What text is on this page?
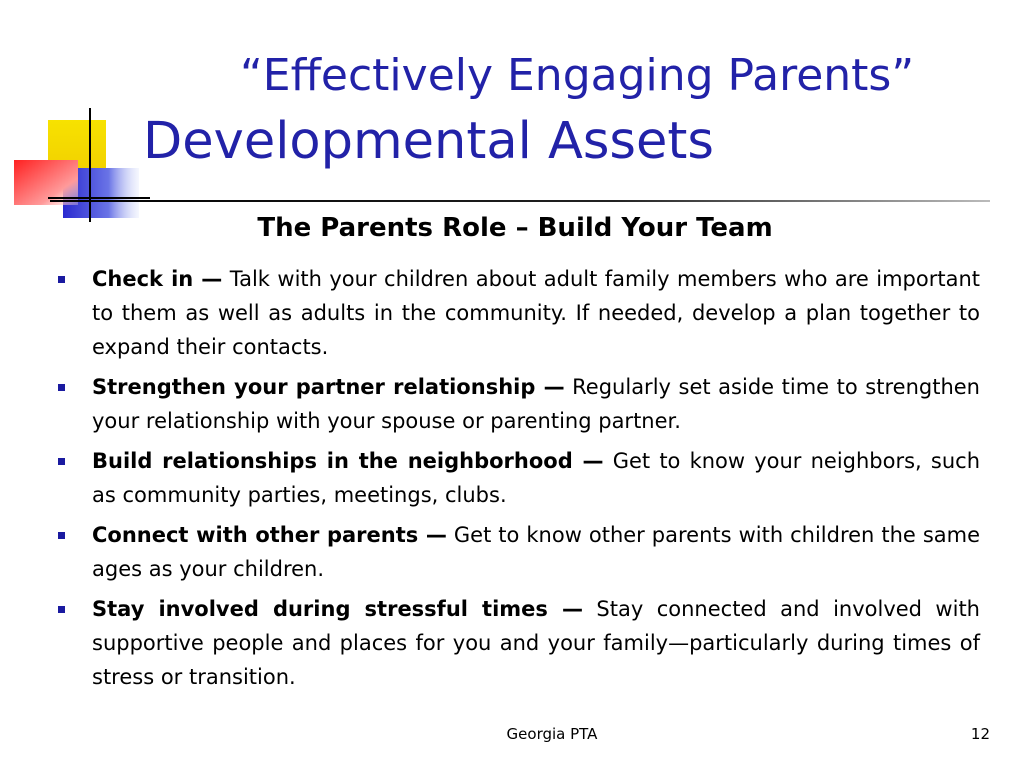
“Effectively Engaging Parents”
Developmental Assets
The Parents Role – Build Your Team
Check in — Talk with your children about adult family members who are important to them as well as adults in the community. If needed, develop a plan together to expand their contacts.
Strengthen your partner relationship — Regularly set aside time to strengthen your relationship with your spouse or parenting partner.
Build relationships in the neighborhood — Get to know your neighbors, such as community parties, meetings, clubs.
Connect with other parents — Get to know other parents with children the same ages as your children.
Stay involved during stressful times — Stay connected and involved with supportive people and places for you and your family—particularly during times of stress or transition.
Georgia PTA	12
